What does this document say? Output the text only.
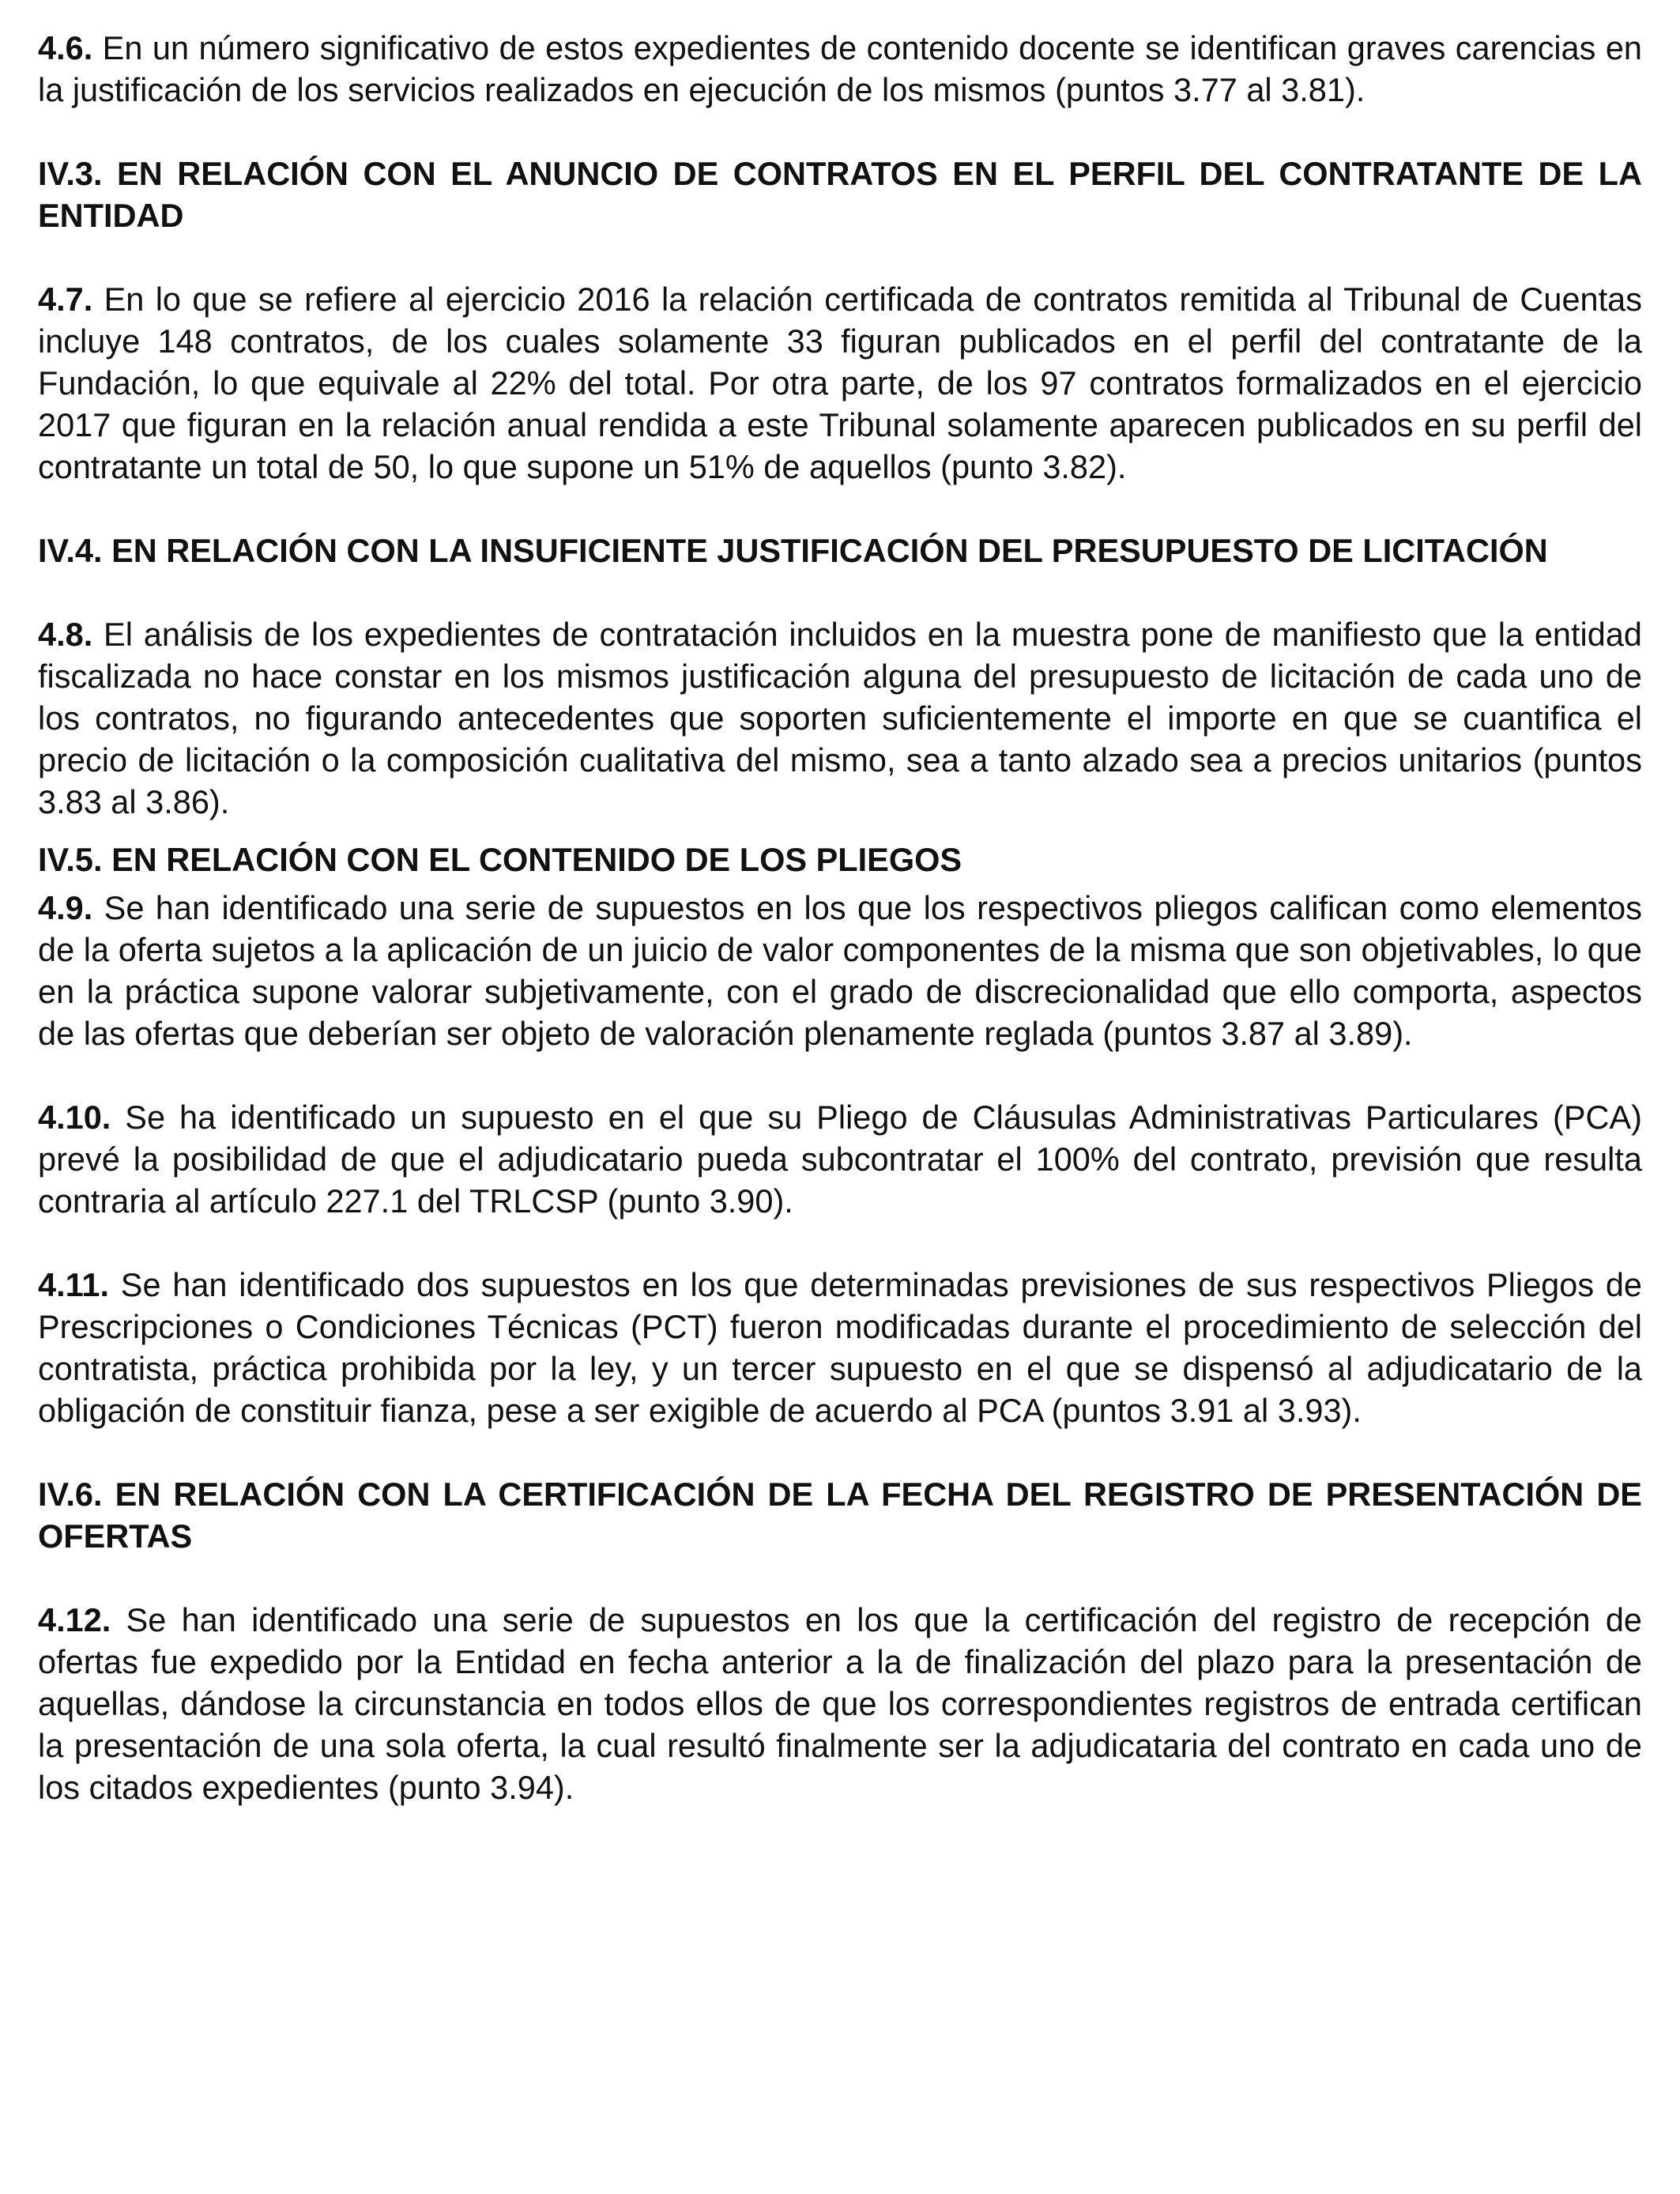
4.6. En un número significativo de estos expedientes de contenido docente se identifican graves carencias en la justificación de los servicios realizados en ejecución de los mismos (puntos 3.77 al 3.81).

IV.3. EN RELACIÓN CON EL ANUNCIO DE CONTRATOS EN EL PERFIL DEL CONTRATANTE DE LA ENTIDAD

4.7. En lo que se refiere al ejercicio 2016 la relación certificada de contratos remitida al Tribunal de Cuentas incluye 148 contratos, de los cuales solamente 33 figuran publicados en el perfil del contratante de la Fundación, lo que equivale al 22% del total. Por otra parte, de los 97 contratos formalizados en el ejercicio 2017 que figuran en la relación anual rendida a este Tribunal solamente aparecen publicados en su perfil del contratante un total de 50, lo que supone un 51% de aquellos (punto 3.82).

IV.4. EN RELACIÓN CON LA INSUFICIENTE JUSTIFICACIÓN DEL PRESUPUESTO DE LICITACIÓN

4.8. El análisis de los expedientes de contratación incluidos en la muestra pone de manifiesto que la entidad fiscalizada no hace constar en los mismos justificación alguna del presupuesto de licitación de cada uno de los contratos, no figurando antecedentes que soporten suficientemente el importe en que se cuantifica el precio de licitación o la composición cualitativa del mismo, sea a tanto alzado sea a precios unitarios (puntos 3.83 al 3.86).

IV.5. EN RELACIÓN CON EL CONTENIDO DE LOS PLIEGOS

4.9. Se han identificado una serie de supuestos en los que los respectivos pliegos califican como elementos de la oferta sujetos a la aplicación de un juicio de valor componentes de la misma que son objetivables, lo que en la práctica supone valorar subjetivamente, con el grado de discrecionalidad que ello comporta, aspectos de las ofertas que deberían ser objeto de valoración plenamente reglada (puntos 3.87 al 3.89).

4.10. Se ha identificado un supuesto en el que su Pliego de Cláusulas Administrativas Particulares (PCA) prevé la posibilidad de que el adjudicatario pueda subcontratar el 100% del contrato, previsión que resulta contraria al artículo 227.1 del TRLCSP (punto 3.90).

4.11. Se han identificado dos supuestos en los que determinadas previsiones de sus respectivos Pliegos de Prescripciones o Condiciones Técnicas (PCT) fueron modificadas durante el procedimiento de selección del contratista, práctica prohibida por la ley, y un tercer supuesto en el que se dispensó al adjudicatario de la obligación de constituir fianza, pese a ser exigible de acuerdo al PCA (puntos 3.91 al 3.93).

IV.6. EN RELACIÓN CON LA CERTIFICACIÓN DE LA FECHA DEL REGISTRO DE PRESENTACIÓN DE OFERTAS

4.12. Se han identificado una serie de supuestos en los que la certificación del registro de recepción de ofertas fue expedido por la Entidad en fecha anterior a la de finalización del plazo para la presentación de aquellas, dándose la circunstancia en todos ellos de que los correspondientes registros de entrada certifican la presentación de una sola oferta, la cual resultó finalmente ser la adjudicataria del contrato en cada uno de los citados expedientes (punto 3.94).
